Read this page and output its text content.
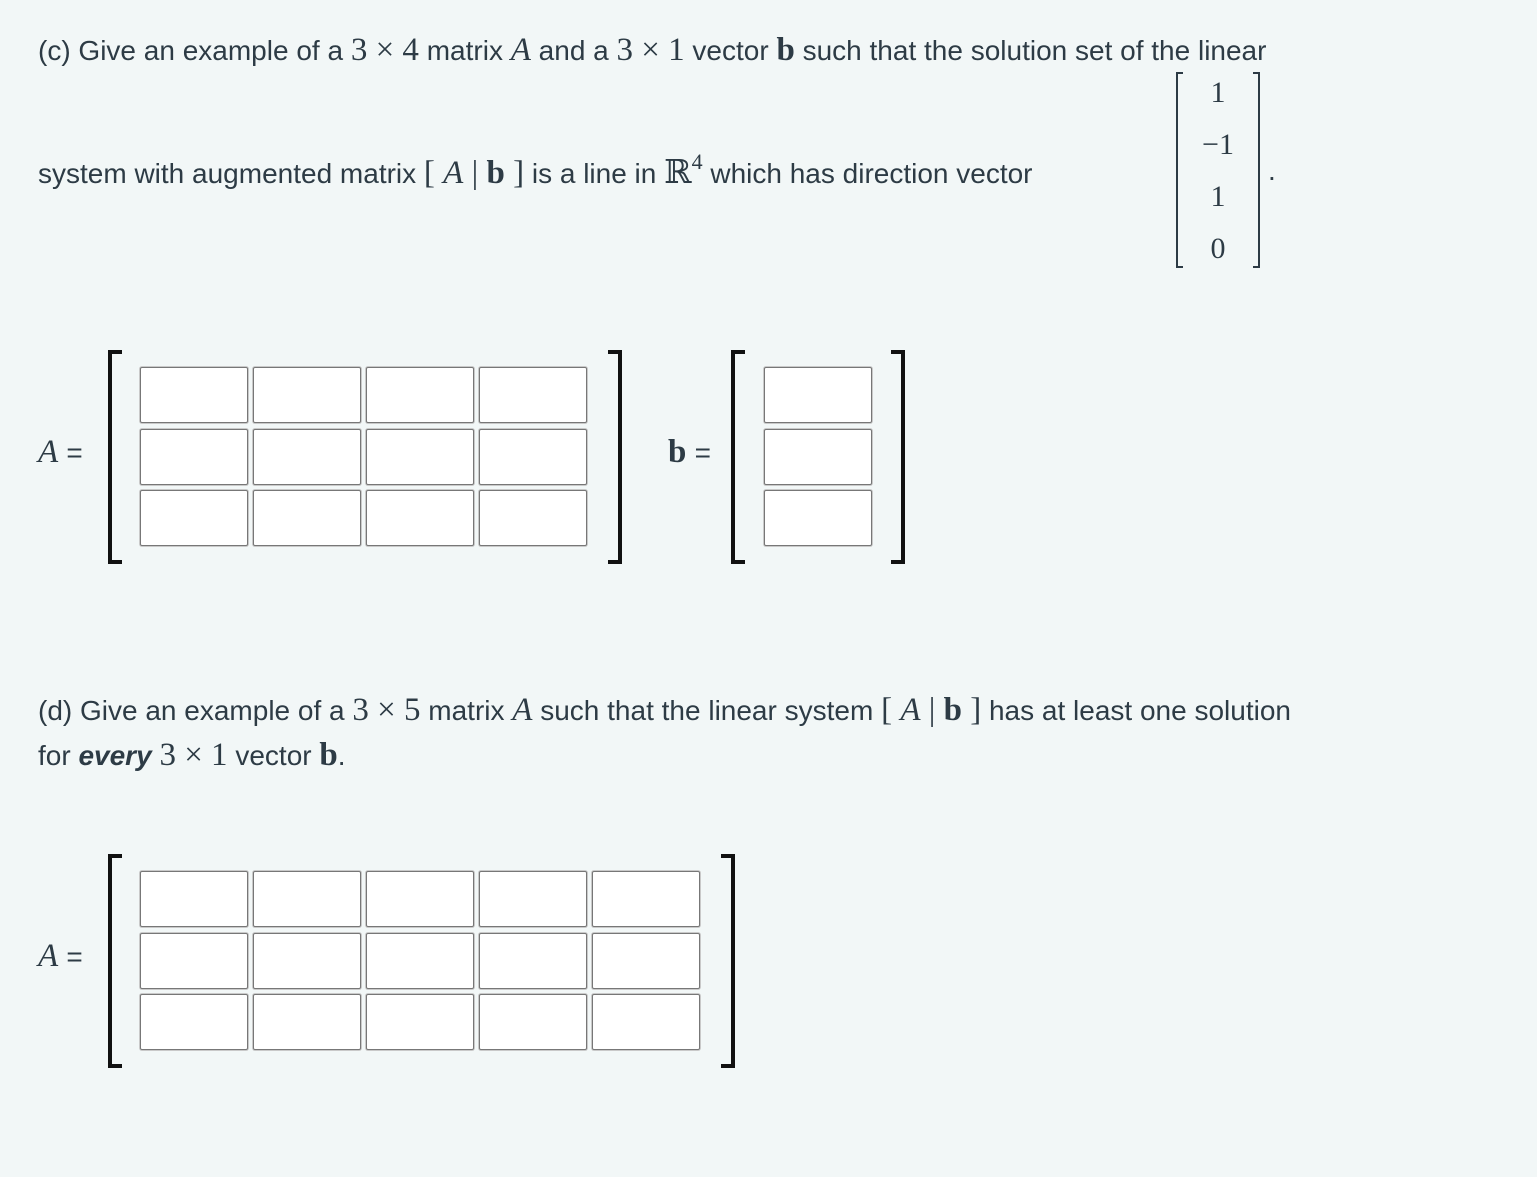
(c) Give an example of a 3 × 4 matrix A and a 3 × 1 vector b such that the solution set of the linear
system with augmented matrix [ A | b ] is a line in ℝ$^4$ which has direction vector
1
−1
1
0
.
A =	b =
(d) Give an example of a 3 × 5 matrix A such that the linear system [ A | b ] has at least one solution
for every 3 × 1 vector b.
A =
